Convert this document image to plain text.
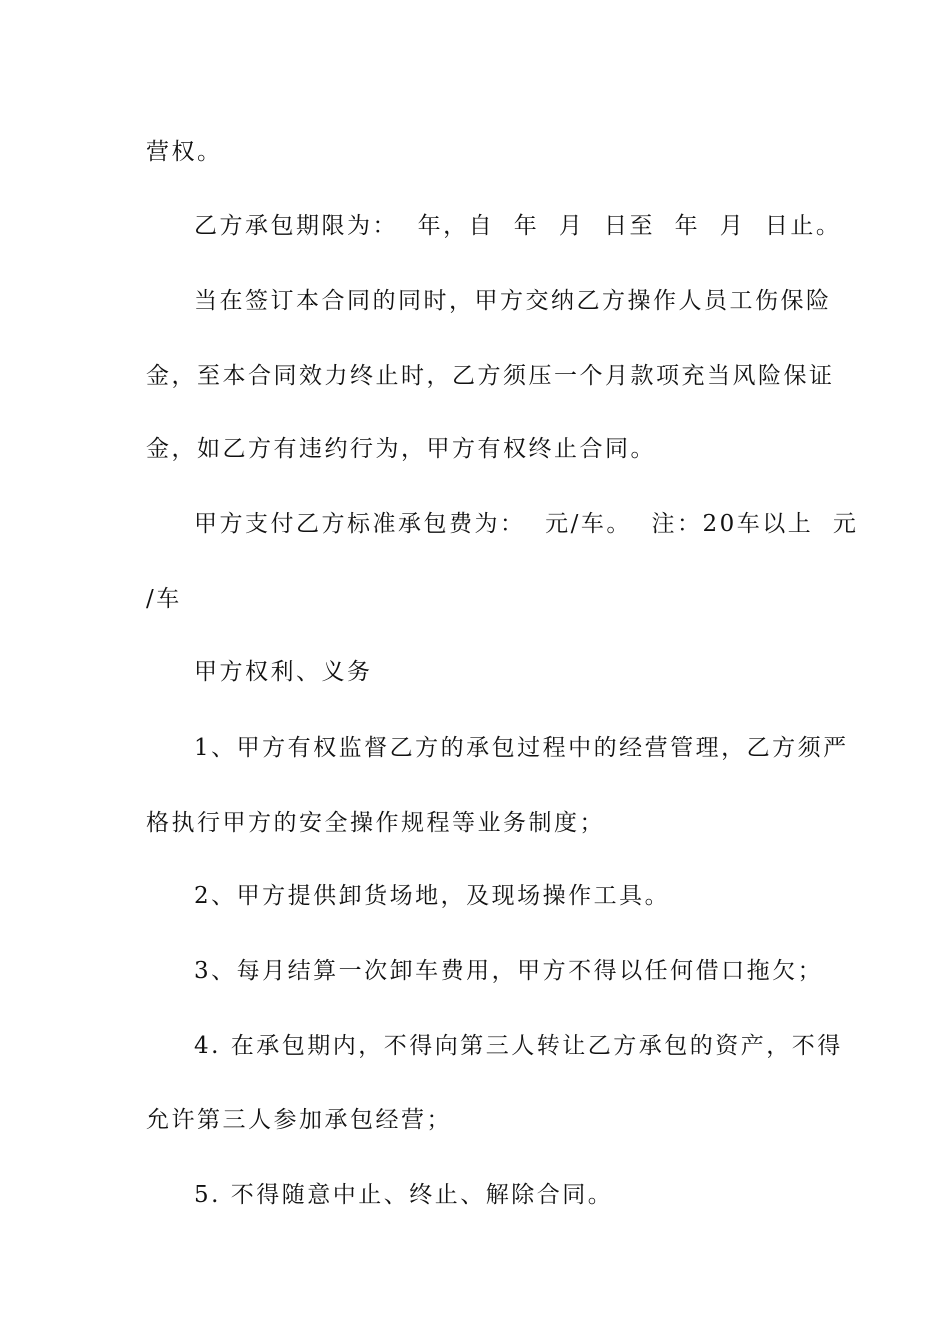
营权。
乙方承包期限为：  年，自  年  月  日至  年  月  日止。
当在签订本合同的同时，甲方交纳乙方操作人员工伤保险
金，至本合同效力终止时，乙方须压一个月款项充当风险保证
金，如乙方有违约行为，甲方有权终止合同。
甲方支付乙方标准承包费为：  元/车。  注：20车以上  元
/车
甲方权利、义务
1、甲方有权监督乙方的承包过程中的经营管理，乙方须严
格执行甲方的安全操作规程等业务制度；
2、甲方提供卸货场地，及现场操作工具。
3、每月结算一次卸车费用，甲方不得以任何借口拖欠；
4. 在承包期内，不得向第三人转让乙方承包的资产，不得
允许第三人参加承包经营；
5. 不得随意中止、终止、解除合同。
